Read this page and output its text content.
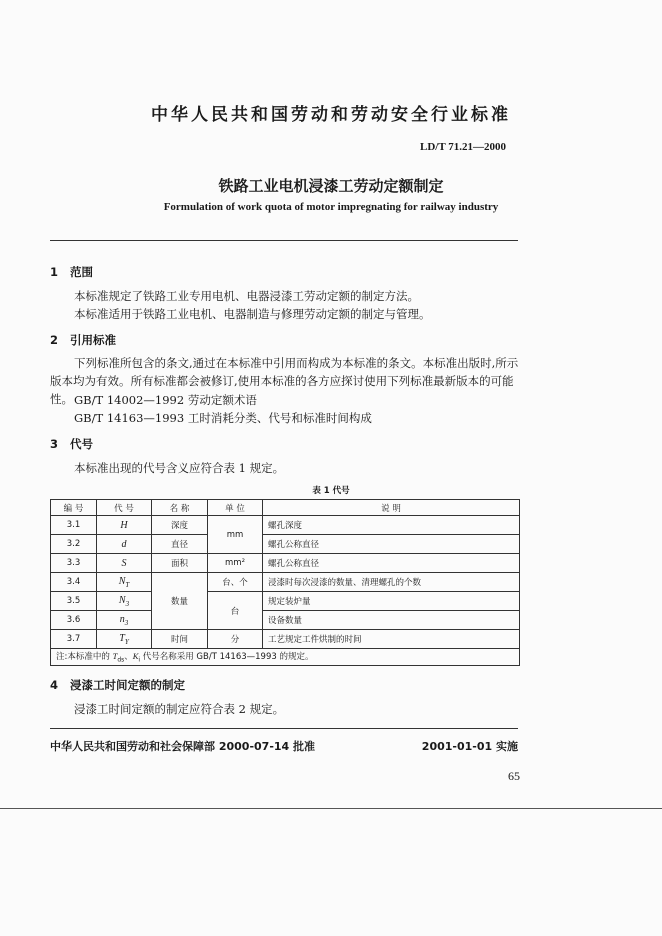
中华人民共和国劳动和劳动安全行业标准
LD/T 71.21—2000
铁路工业电机浸漆工劳动定额制定
Formulation of work quota of motor impregnating for railway industry
1 范围
本标准规定了铁路工业专用电机、电器浸漆工劳动定额的制定方法。
本标准适用于铁路工业电机、电器制造与修理劳动定额的制定与管理。
2 引用标准
下列标准所包含的条文,通过在本标准中引用而构成为本标准的条文。本标准出版时,所示版本均为有效。所有标准都会被修订,使用本标准的各方应探讨使用下列标准最新版本的可能性。 GB/T 14002—1992 劳动定额术语
GB/T 14163—1993 工时消耗分类、代号和标准时间构成
3 代号
本标准出现的代号含义应符合表 1 规定。
表 1 代号
编 号	代 号	名 称	单 位	说 明
3.1	H	深度	mm	螺孔深度
3.2	d	直径		螺孔公称直径
3.3	S	面积	mm²	螺孔公称直径
3.4	$N_T$	数量	台、个	浸漆时每次浸漆的数量、清理螺孔的个数
3.5	$N_3$		台	规定装炉量
3.6	$n_3$			设备数量
3.7	$T_Y$	时间	分	工艺规定工件烘制的时间
注:本标准中的 $T_{ds}$、$K_i$ 代号名称采用 GB/T 14163—1993 的规定。				
4 浸漆工时间定额的制定
浸漆工时间定额的制定应符合表 2 规定。
中华人民共和国劳动和社会保障部 2000-07-14 批准	2001-01-01 实施
65
